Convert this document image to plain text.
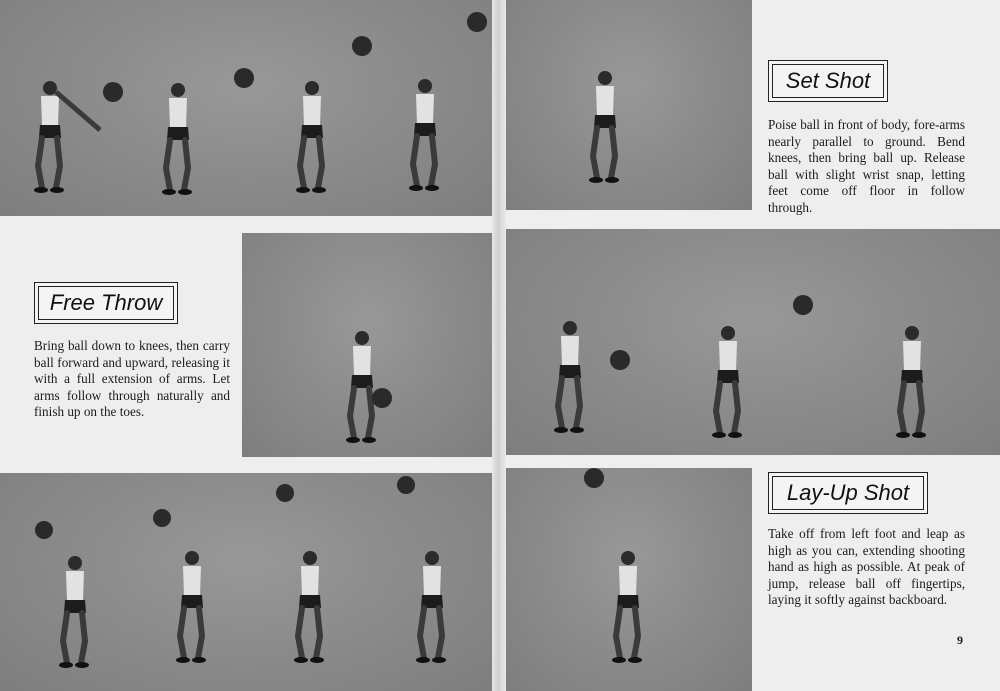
Set Shot
Poise ball in front of body, fore-arms nearly parallel to ground. Bend knees, then bring ball up. Release ball with slight wrist snap, letting feet come off floor in follow through.
Free Throw
Bring ball down to knees, then carry ball forward and upward, releasing it with a full extension of arms. Let arms follow through naturally and finish up on the toes.
Lay-Up Shot
Take off from left foot and leap as high as you can, extending shooting hand as high as possible. At peak of jump, release ball off fingertips, laying it softly against backboard.
9
